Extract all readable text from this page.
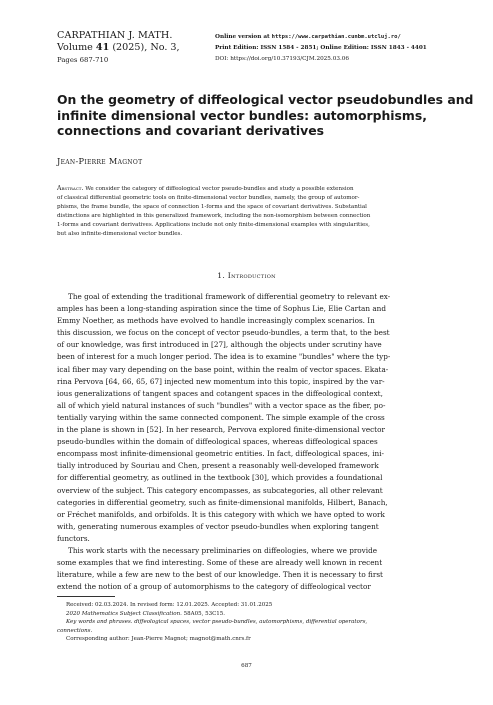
CARPATHIAN J. MATH.
Volume 41 (2025), No. 3,
Pages 687-710
Online version at https://www.carpathian.cunbm.utcluj.ro/
Print Edition: ISSN 1584 - 2851; Online Edition: ISSN 1843 - 4401
DOI: https://doi.org/10.37193/CJM.2025.03.06
On the geometry of diffeological vector pseudobundles and
infinite dimensional vector bundles: automorphisms,
connections and covariant derivatives
Jean-Pierre Magnot
Abstract. We consider the category of diffeological vector pseudo-bundles and study a possible extension
of classical differential geometric tools on finite-dimensional vector bundles, namely, the group of automor-
phisms, the frame bundle, the space of connection 1-forms and the space of covariant derivatives. Substantial
distinctions are highlighted in this generalized framework, including the non-isomorphism between connection
1-forms and covariant derivatives. Applications include not only finite-dimensional examples with singularities,
but also infinite-dimensional vector bundles.
1. Introduction
The goal of extending the traditional framework of differential geometry to relevant ex-
amples has been a long-standing aspiration since the time of Sophus Lie, Elie Cartan and
Emmy Noether, as methods have evolved to handle increasingly complex scenarios. In
this discussion, we focus on the concept of vector pseudo-bundles, a term that, to the best
of our knowledge, was first introduced in [27], although the objects under scrutiny have
been of interest for a much longer period. The idea is to examine "bundles" where the typ-
ical fiber may vary depending on the base point, within the realm of vector spaces. Ekata-
rina Pervova [64, 66, 65, 67] injected new momentum into this topic, inspired by the var-
ious generalizations of tangent spaces and cotangent spaces in the diffeological context,
all of which yield natural instances of such "bundles" with a vector space as the fiber, po-
tentially varying within the same connected component. The simple example of the cross
in the plane is shown in [52]. In her research, Pervova explored finite-dimensional vector
pseudo-bundles within the domain of diffeological spaces, whereas diffeological spaces
encompass most infinite-dimensional geometric entities. In fact, diffeological spaces, ini-
tially introduced by Souriau and Chen, present a reasonably well-developed framework
for differential geometry, as outlined in the textbook [30], which provides a foundational
overview of the subject. This category encompasses, as subcategories, all other relevant
categories in differential geometry, such as finite-dimensional manifolds, Hilbert, Banach,
or Fréchet manifolds, and orbifolds. It is this category with which we have opted to work
with, generating numerous examples of vector pseudo-bundles when exploring tangent
functors.
This work starts with the necessary preliminaries on diffeologies, where we provide
some examples that we find interesting. Some of these are already well known in recent
literature, while a few are new to the best of our knowledge. Then it is necessary to first
extend the notion of a group of automorphisms to the category of diffeological vector
Received: 02.03.2024. In revised form: 12.01.2025. Accepted: 31.01.2025
2020 Mathematics Subject Classification. 58A05, 53C15.
Key words and phrases. diffeological spaces, vector pseudo-bundles, automorphisms, differential operators,
connections.
Corresponding author: Jean-Pierre Magnot; magnot@math.cnrs.fr
687
